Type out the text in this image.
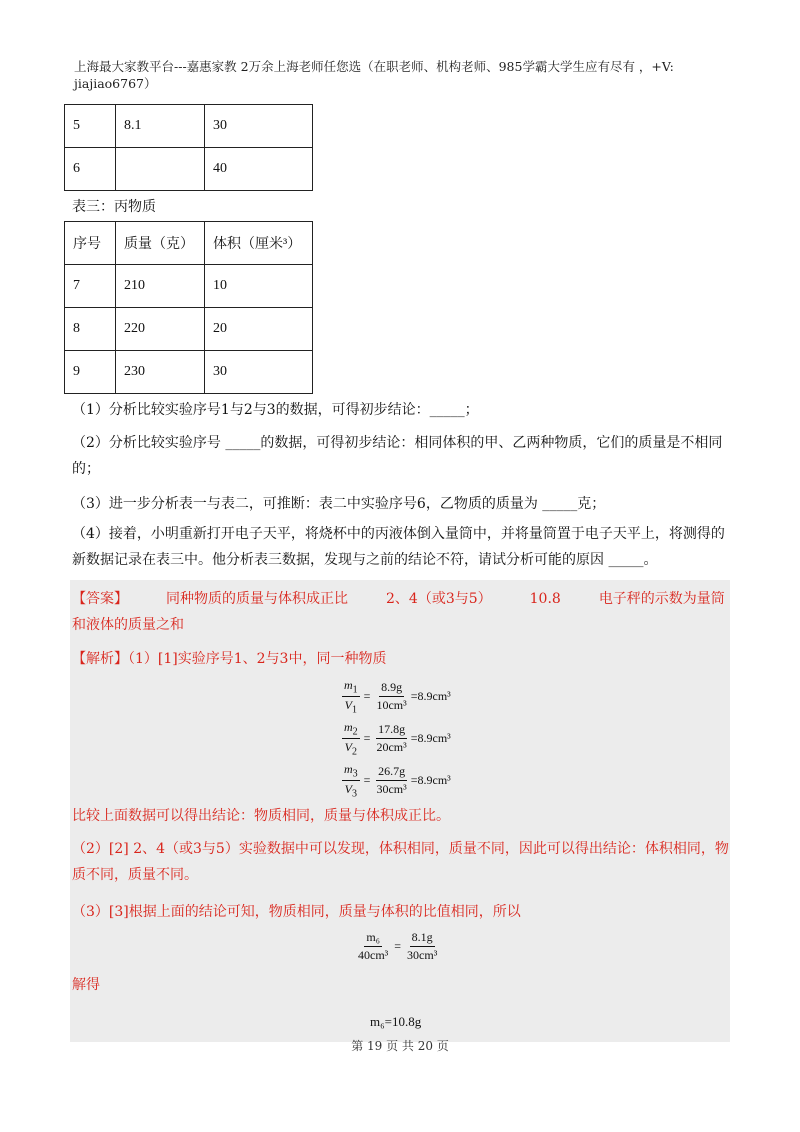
上海最大家教平台---嘉惠家教 2万余上海老师任您选（在职老师、机构老师、985学霸大学生应有尽有 ，+V: jiajiao6767）
5	8.1	30
6		40
表三：丙物质
序号	质量（克）	体积（厘米³）
7	210	10
8	220	20
9	230	30
（1）分析比较实验序号1与2与3的数据，可得初步结论：_____；
（2）分析比较实验序号 _____的数据，可得初步结论：相同体积的甲、乙两种物质，它们的质量是不相同的；
（3）进一步分析表一与表二，可推断：表二中实验序号6，乙物质的质量为 _____克；
（4）接着，小明重新打开电子天平，将烧杯中的丙液体倒入量筒中，并将量筒置于电子天平上，将测得的新数据记录在表三中。他分析表三数据，发现与之前的结论不符，请试分析可能的原因 _____。
【答案】	同种物质的质量与体积成正比	2、4（或3与5）	10.8	电子秤的示数为量筒和液体的质量之和
【解析】（1）[1]实验序号1、2与3中，同一种物质
$\frac{m_1}{V_1} = \frac{8.9g}{\text{10cm³}} =8.9cm^3$
$\frac{m_2}{V_2} = \frac{17.8g}{\text{20cm³}} =8.9cm^3$
$\frac{m_3}{V_3} = \frac{26.7g}{\text{30cm³}} =8.9cm^3$
比较上面数据可以得出结论：物质相同，质量与体积成正比。
（2）[2] 2、4（或3与5）实验数据中可以发现，体积相同，质量不同，因此可以得出结论：体积相同，物质不同，质量不同。
（3）[3]根据上面的结论可知，物质相同，质量与体积的比值相同，所以
$\frac{\text{m₆}}{\text{40cm³}} = \frac{8.1g}{\text{30cm³}}$
解得
m₆=10.8g
第 19 页 共 20 页
